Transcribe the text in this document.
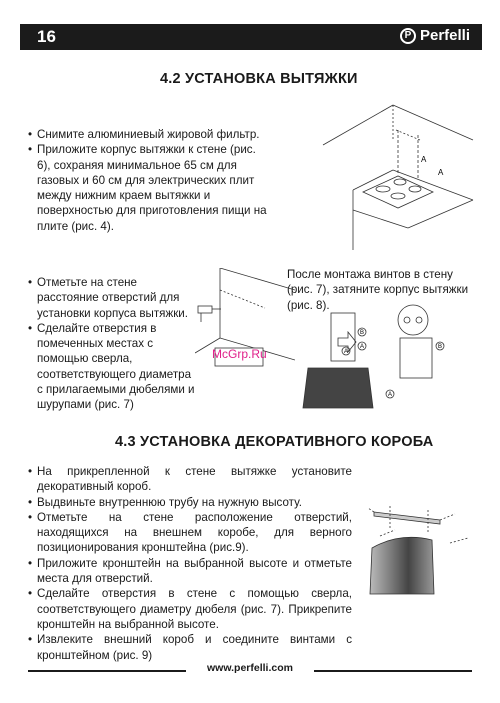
16	P Perfelli
4.2 УСТАНОВКА ВЫТЯЖКИ
• Снимите алюминиевый жировой фильтр.
• Приложите корпус вытяжки к стене (рис. 6), сохраняя минимальное 65 см для газовых и 60 см для электрических плит между нижним краем вытяжки и поверхностью для приготовления пищи на плите (рис. 4).
A
A
• Отметьте на стене расстояние отверстий для установки корпуса вытяжки.
• Сделайте отверстия в помеченных местах с помощью сверла, соответствующего диаметра с прилагаемыми дюбелями и шурупами (рис. 7)
После монтажа винтов в стену (рис. 7), затяните корпус вытяжки (рис. 8).
McGrp.Ru
B
B
A
A
A
4.3 УСТАНОВКА ДЕКОРАТИВНОГО КОРОБА
• На прикрепленной к стене вытяжке установите декоративный короб.
• Выдвиньте внутреннюю трубу на нужную высоту.
• Отметьте на стене расположение отверстий, находящихся на внешнем коробе, для верного позиционирования кронштейна (рис.9).
• Приложите кронштейн на выбранной высоте и отметьте места для отверстий.
• Сделайте отверстия в стене с помощью сверла, соответствующего диаметру дюбеля (рис. 7). Прикрепите кронштейн на выбранной высоте.
• Извлеките внешний короб и соедините винтами с кронштейном (рис. 9)
www.perfelli.com
